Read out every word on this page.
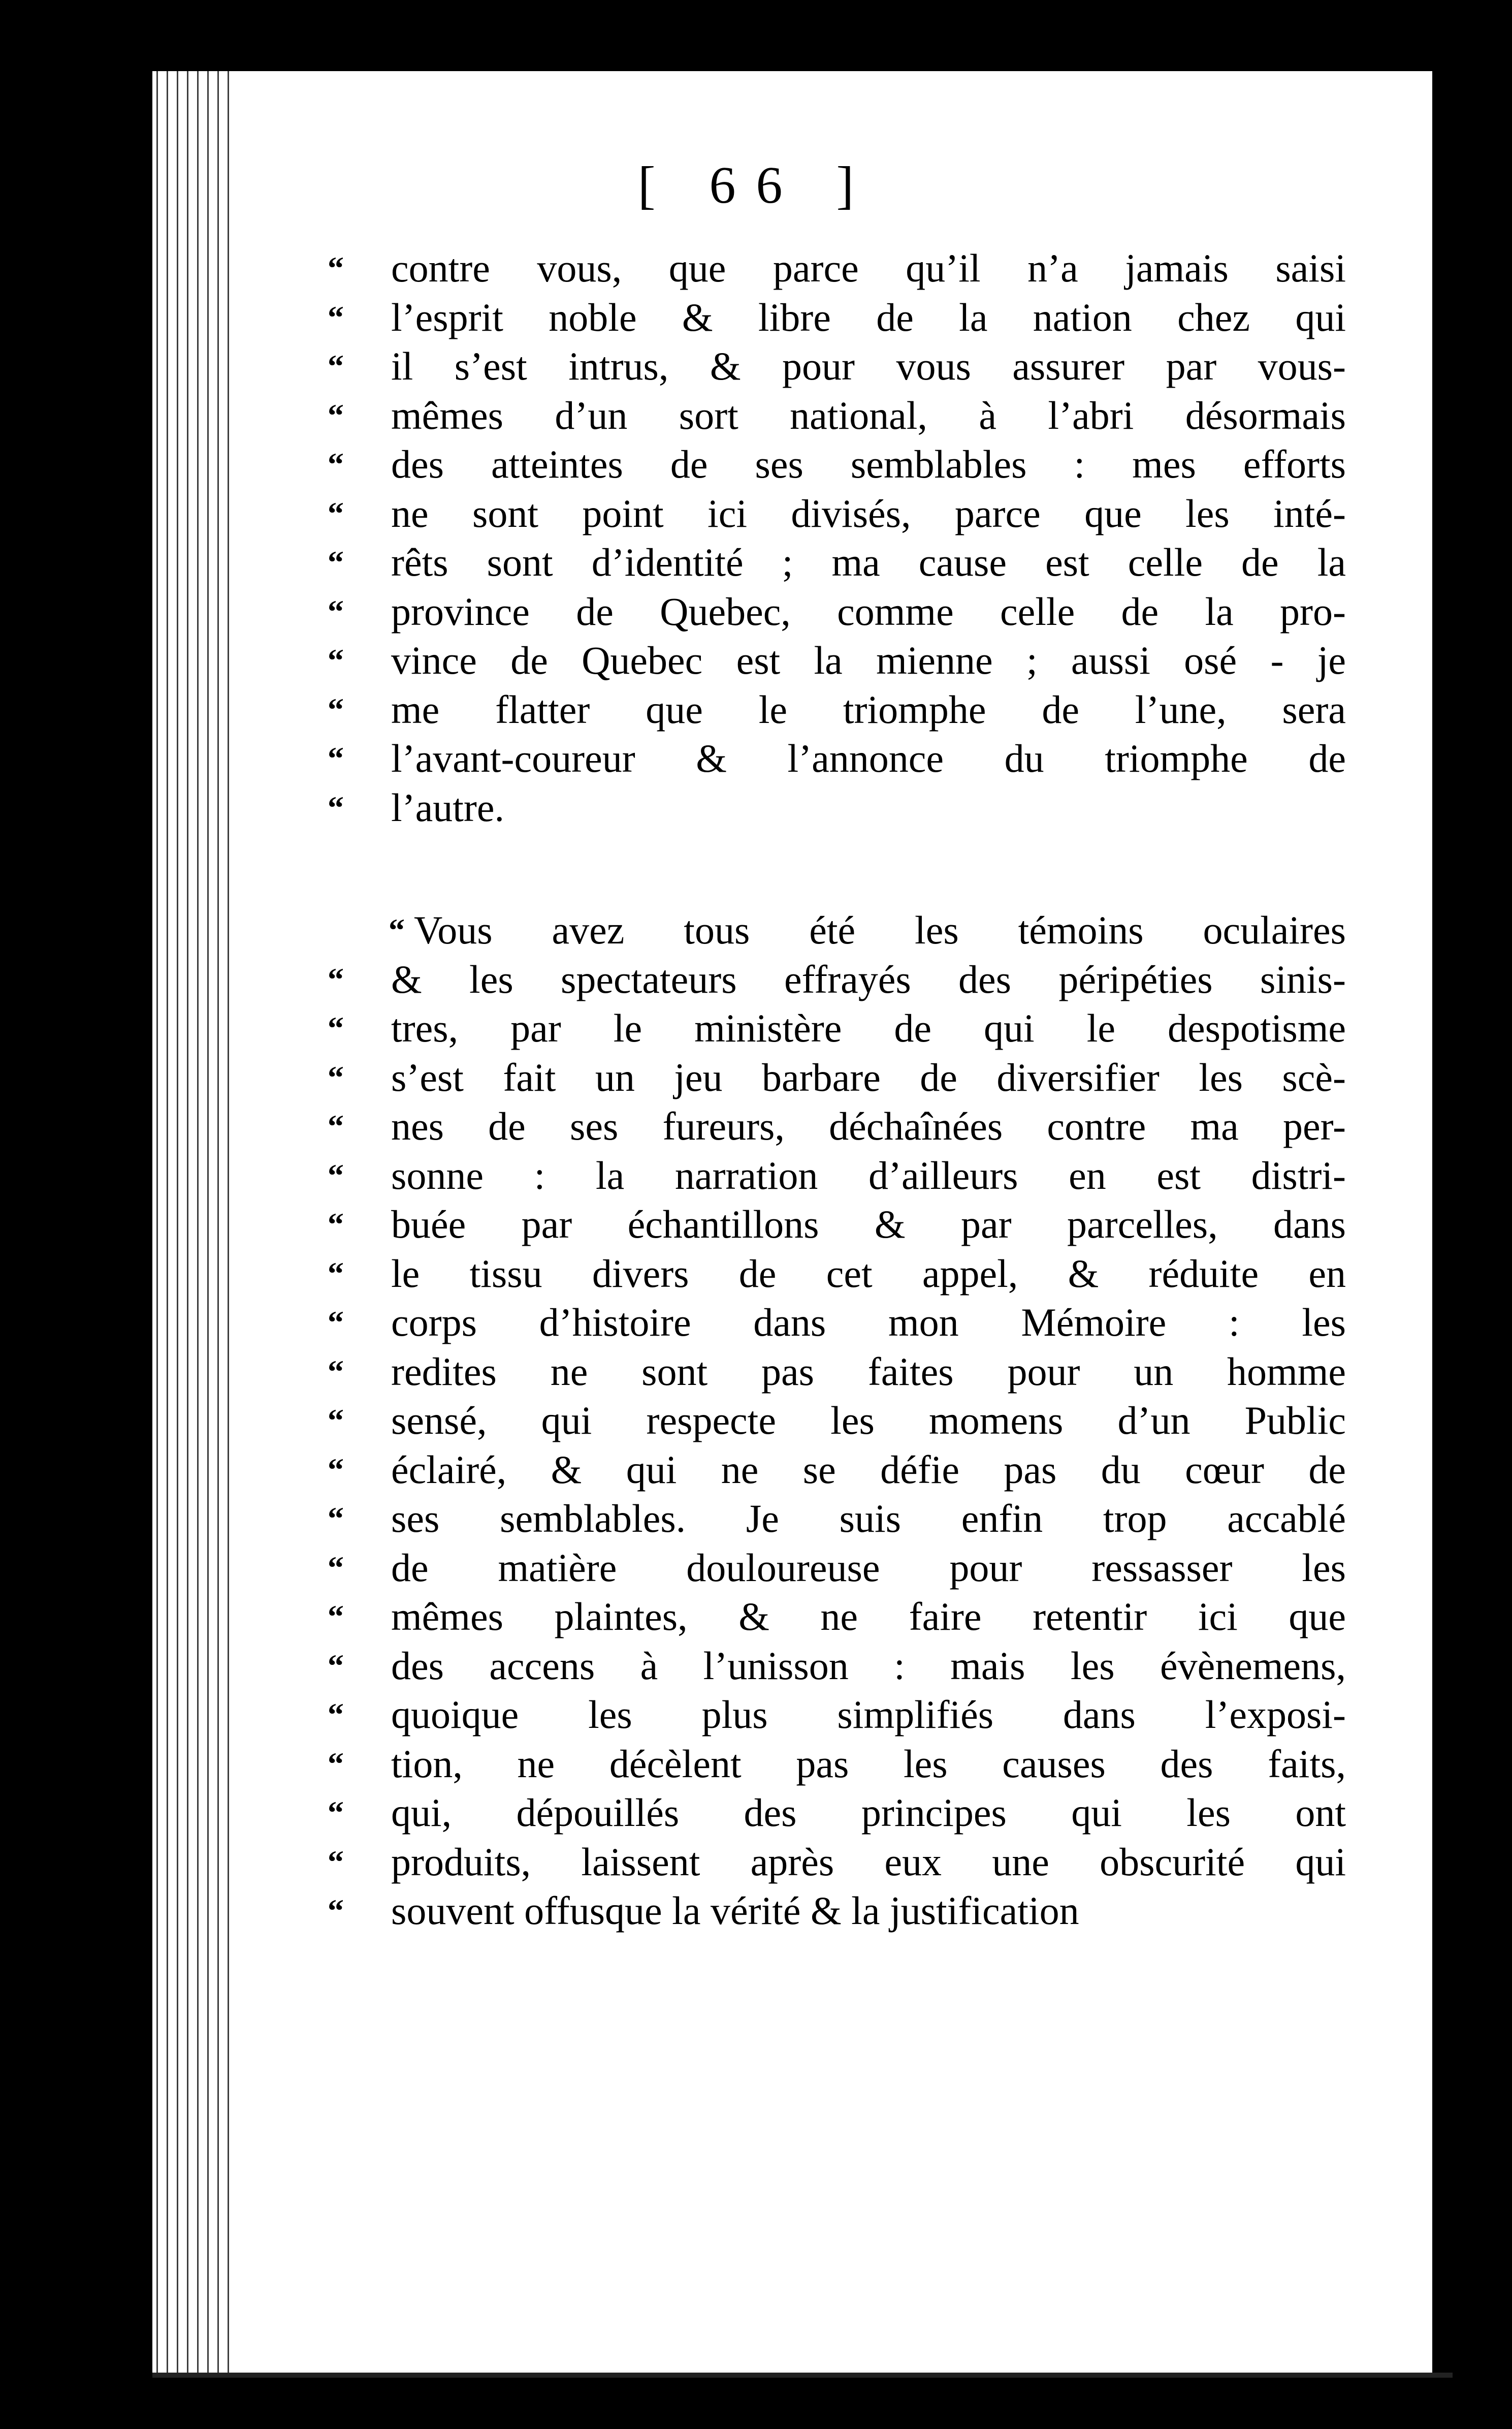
[ 66 ]
“ contre vous, que parce qu’il n’a jamais saisi
“ l’esprit noble & libre de la nation chez qui
“ il s’est intrus, & pour vous assurer par vous-
“ mêmes d’un sort national, à l’abri désormais
“ des atteintes de ses semblables : mes efforts
“ ne sont point ici divisés, parce que les inté-
“ rêts sont d’identité ; ma cause est celle de la
“ province de Quebec, comme celle de la pro-
“ vince de Quebec est la mienne ; aussi osé - je
“ me flatter que le triomphe de l’une, sera
“ l’avant-coureur & l’annonce du triomphe de
“ l’autre.
“ Vous avez tous été les témoins oculaires
“ & les spectateurs effrayés des péripéties sinis-
“ tres, par le ministère de qui le despotisme
“ s’est fait un jeu barbare de diversifier les scè-
“ nes de ses fureurs, déchaînées contre ma per-
“ sonne : la narration d’ailleurs en est distri-
“ buée par échantillons & par parcelles, dans
“ le tissu divers de cet appel, & réduite en
“ corps d’histoire dans mon Mémoire : les
“ redites ne sont pas faites pour un homme
“ sensé, qui respecte les momens d’un Public
“ éclairé, & qui ne se défie pas du cœur de
“ ses semblables. Je suis enfin trop accablé
“ de matière douloureuse pour ressasser les
“ mêmes plaintes, & ne faire retentir ici que
“ des accens à l’unisson : mais les évènemens,
“ quoique les plus simplifiés dans l’exposi-
“ tion, ne décèlent pas les causes des faits,
“ qui, dépouillés des principes qui les ont
“ produits, laissent après eux une obscurité qui
“ souvent offusque la vérité & la justification
